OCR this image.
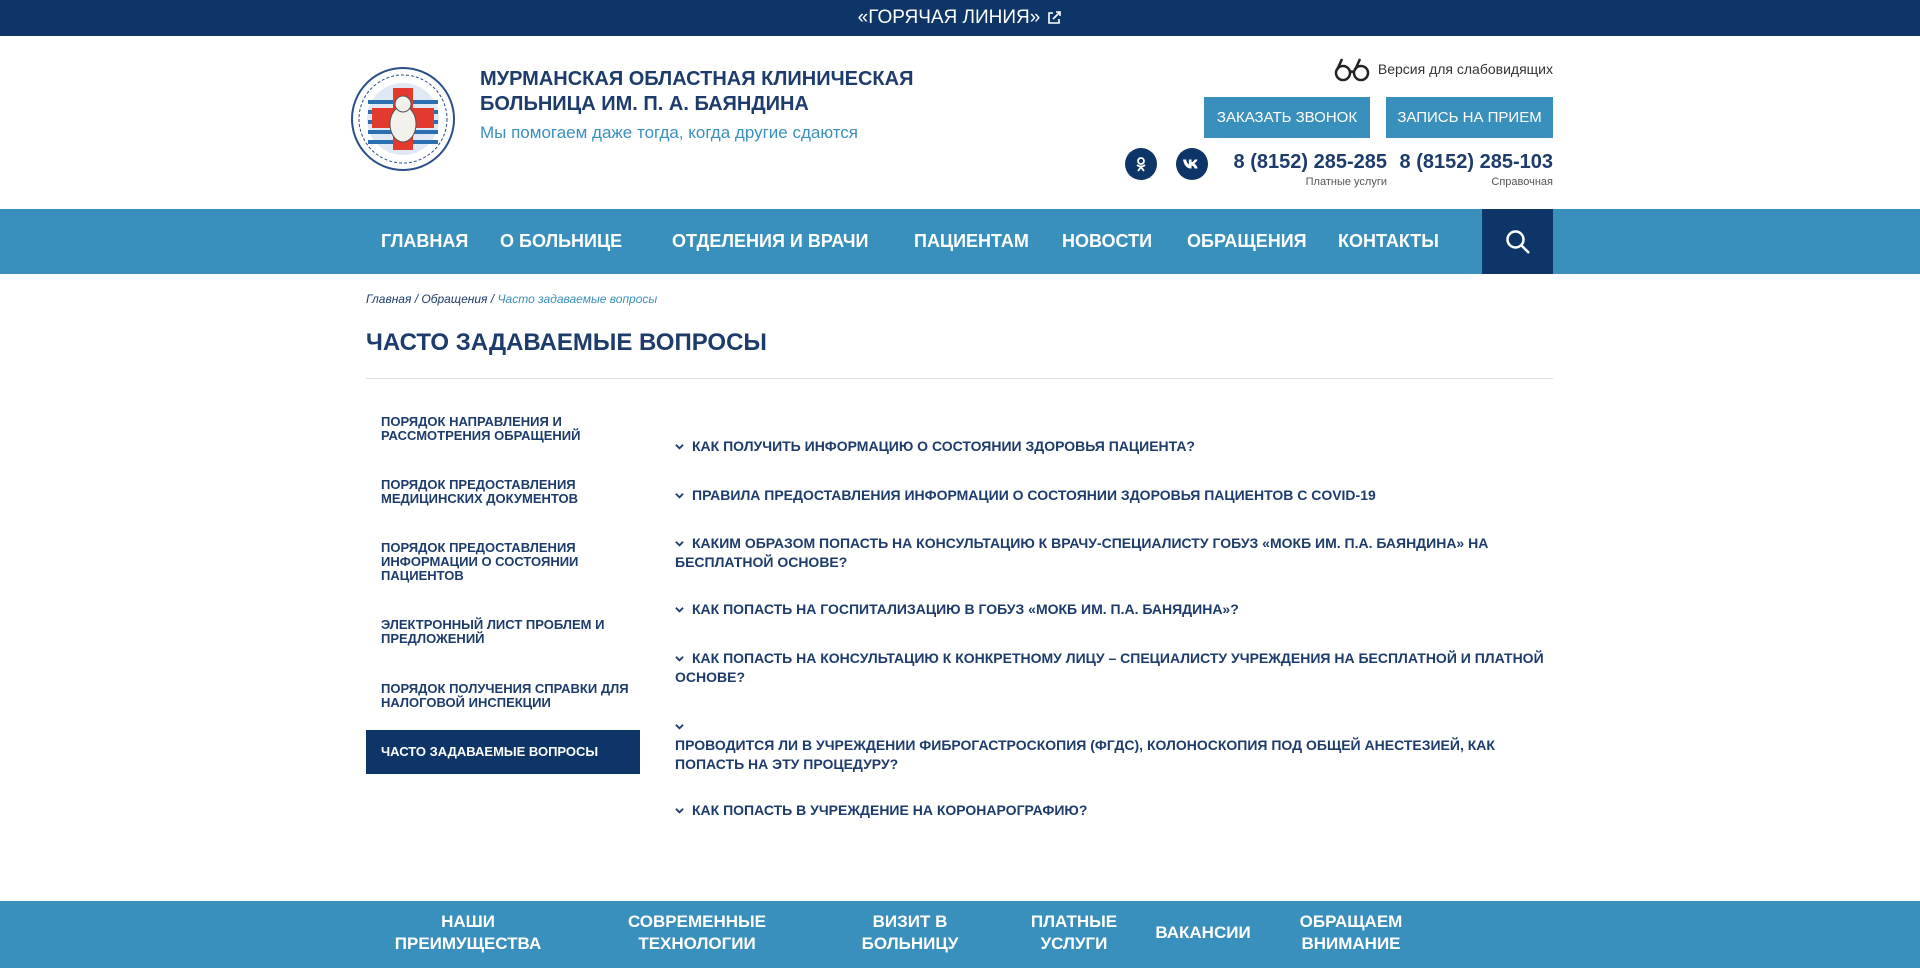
«ГОРЯЧАЯ ЛИНИЯ»
МУРМАНСКАЯ ОБЛАСТНАЯ КЛИНИЧЕСКАЯ БОЛЬНИЦА ИМ. П. А. БАЯНДИНА
Мы помогаем даже тогда, когда другие сдаются
Версия для слабовидящих
ЗАКАЗАТЬ ЗВОНОК	ЗАПИСЬ НА ПРИЕМ
8 (8152) 285-285
Платные услуги
8 (8152) 285-103
Справочная
ГЛАВНАЯ О БОЛЬНИЦЕ	ОТДЕЛЕНИЯ И ВРАЧИ	ПАЦИЕНТАМ НОВОСТИ ОБРАЩЕНИЯ КОНТАКТЫ
Главная / Обращения / Часто задаваемые вопросы
ЧАСТО ЗАДАВАЕМЫЕ ВОПРОСЫ
ПОРЯДОК НАПРАВЛЕНИЯ И РАССМОТРЕНИЯ ОБРАЩЕНИЙ
ПОРЯДОК ПРЕДОСТАВЛЕНИЯ МЕДИЦИНСКИХ ДОКУМЕНТОВ
ПОРЯДОК ПРЕДОСТАВЛЕНИЯ ИНФОРМАЦИИ О СОСТОЯНИИ ПАЦИЕНТОВ
ЭЛЕКТРОННЫЙ ЛИСТ ПРОБЛЕМ И ПРЕДЛОЖЕНИЙ
ПОРЯДОК ПОЛУЧЕНИЯ СПРАВКИ ДЛЯ НАЛОГОВОЙ ИНСПЕКЦИИ
ЧАСТО ЗАДАВАЕМЫЕ ВОПРОСЫ
КАК ПОЛУЧИТЬ ИНФОРМАЦИЮ О СОСТОЯНИИ ЗДОРОВЬЯ ПАЦИЕНТА?
ПРАВИЛА ПРЕДОСТАВЛЕНИЯ ИНФОРМАЦИИ О СОСТОЯНИИ ЗДОРОВЬЯ ПАЦИЕНТОВ С COVID-19
КАКИМ ОБРАЗОМ ПОПАСТЬ НА КОНСУЛЬТАЦИЮ К ВРАЧУ-СПЕЦИАЛИСТУ ГОБУЗ «МОКБ ИМ. П.А. БАЯНДИНА» НА БЕСПЛАТНОЙ ОСНОВЕ?
КАК ПОПАСТЬ НА ГОСПИТАЛИЗАЦИЮ В ГОБУЗ «МОКБ ИМ. П.А. БАНЯДИНА»?
КАК ПОПАСТЬ НА КОНСУЛЬТАЦИЮ К КОНКРЕТНОМУ ЛИЦУ – СПЕЦИАЛИСТУ УЧРЕЖДЕНИЯ НА БЕСПЛАТНОЙ И ПЛАТНОЙ ОСНОВЕ?

ПРОВОДИТСЯ ЛИ В УЧРЕЖДЕНИИ ФИБРОГАСТРОСКОПИЯ (ФГДС), КОЛОНОСКОПИЯ ПОД ОБЩЕЙ АНЕСТЕЗИЕЙ, КАК ПОПАСТЬ НА ЭТУ ПРОЦЕДУРУ?
КАК ПОПАСТЬ В УЧРЕЖДЕНИЕ НА КОРОНАРОГРАФИЮ?
НАШИ ПРЕИМУЩЕСТВА
СОВРЕМЕННЫЕ ТЕХНОЛОГИИ
ВИЗИТ В БОЛЬНИЦУ
ПЛАТНЫЕ УСЛУГИ
ВАКАНСИИ
ОБРАЩАЕМ ВНИМАНИЕ
